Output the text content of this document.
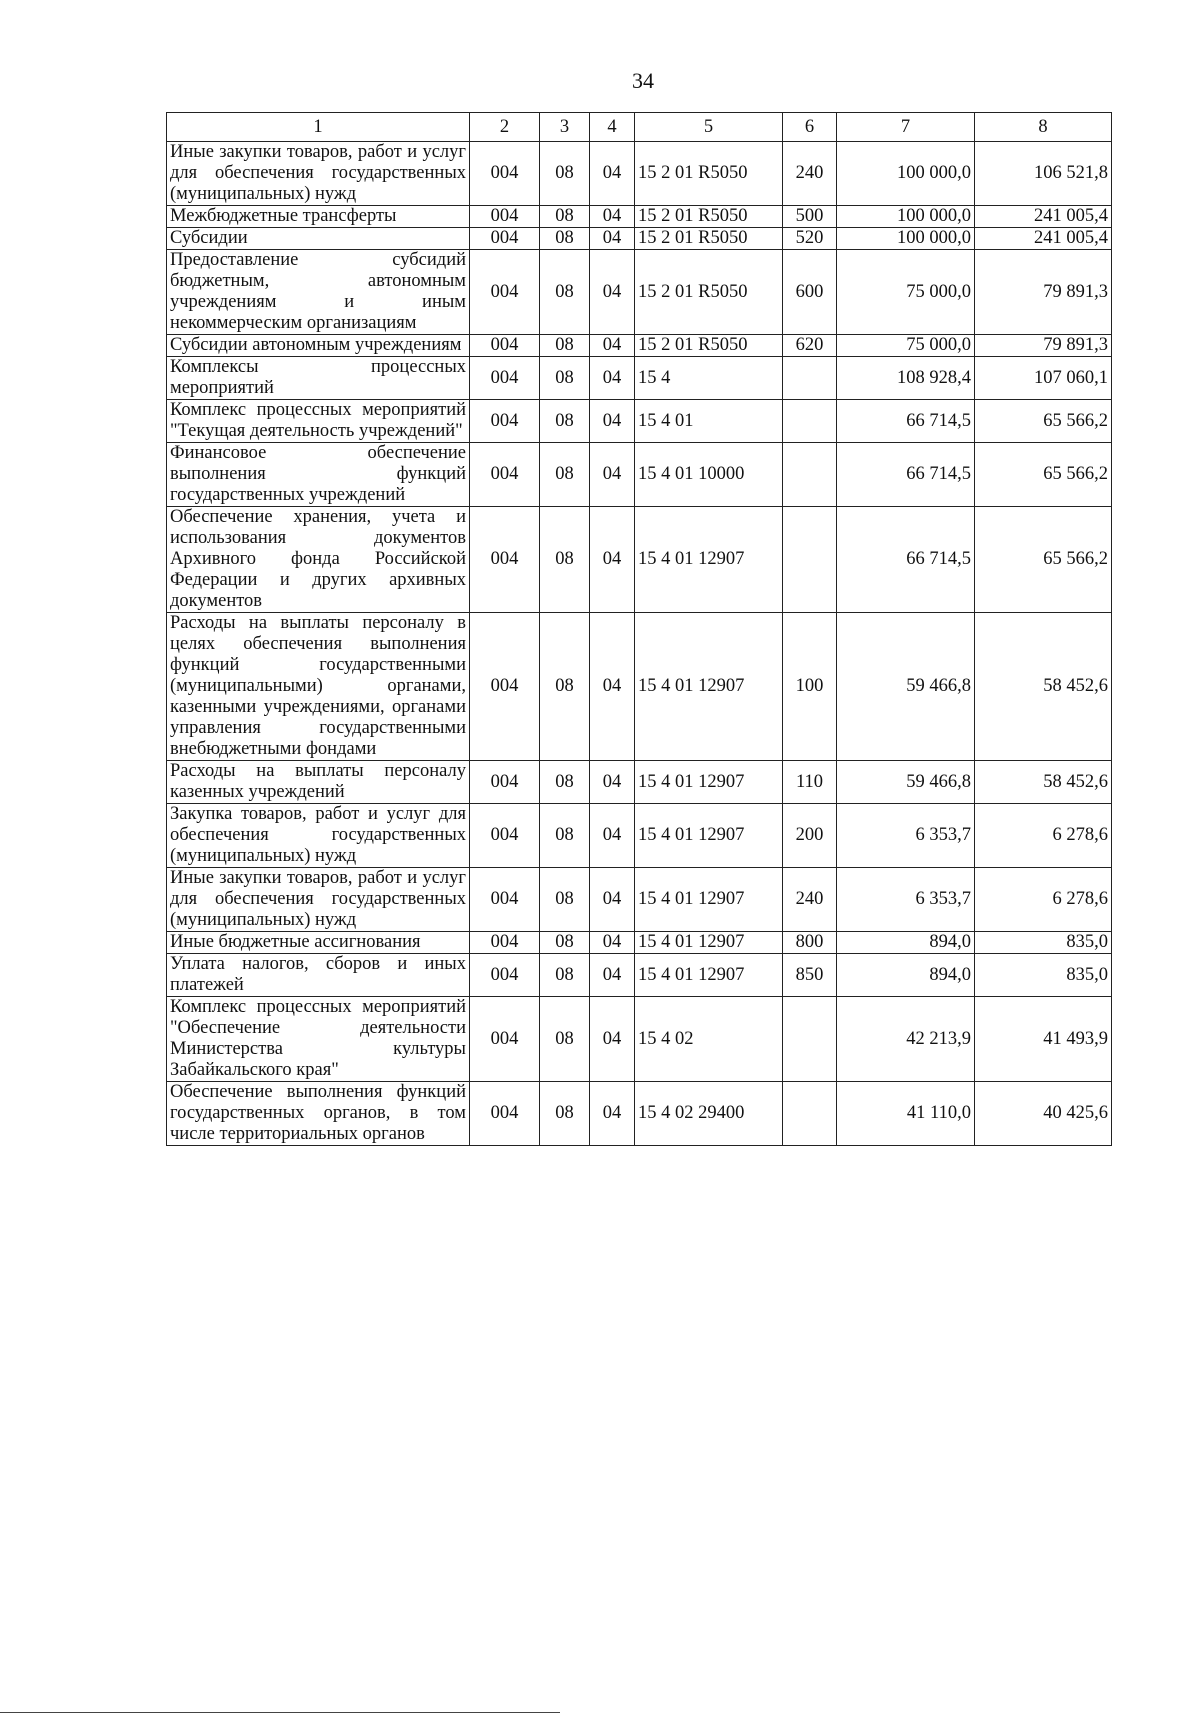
34
1	2	3	4	5	6	7	8
Иные закупки товаров, работ и услуг для обеспечения государственных (муниципальных) нужд	004	08	04	15 2 01 R5050	240	100 000,0	106 521,8
Межбюджетные трансферты	004	08	04	15 2 01 R5050	500	100 000,0	241 005,4
Субсидии	004	08	04	15 2 01 R5050	520	100 000,0	241 005,4
Предоставление субсидий бюджетным, автономным учреждениям и иным некоммерческим организациям	004	08	04	15 2 01 R5050	600	75 000,0	79 891,3
Субсидии автономным учреждениям	004	08	04	15 2 01 R5050	620	75 000,0	79 891,3
Комплексы процессных мероприятий	004	08	04	15 4		108 928,4	107 060,1
Комплекс процессных мероприятий "Текущая деятельность учреждений"	004	08	04	15 4 01		66 714,5	65 566,2
Финансовое обеспечение выполнения функций государственных учреждений	004	08	04	15 4 01 10000		66 714,5	65 566,2
Обеспечение хранения, учета и использования документов Архивного фонда Российской Федерации и других архивных документов	004	08	04	15 4 01 12907		66 714,5	65 566,2
Расходы на выплаты персоналу в целях обеспечения выполнения функций государственными (муниципальными) органами, казенными учреждениями, органами управления государственными внебюджетными фондами	004	08	04	15 4 01 12907	100	59 466,8	58 452,6
Расходы на выплаты персоналу казенных учреждений	004	08	04	15 4 01 12907	110	59 466,8	58 452,6
Закупка товаров, работ и услуг для обеспечения государственных (муниципальных) нужд	004	08	04	15 4 01 12907	200	6 353,7	6 278,6
Иные закупки товаров, работ и услуг для обеспечения государственных (муниципальных) нужд	004	08	04	15 4 01 12907	240	6 353,7	6 278,6
Иные бюджетные ассигнования	004	08	04	15 4 01 12907	800	894,0	835,0
Уплата налогов, сборов и иных платежей	004	08	04	15 4 01 12907	850	894,0	835,0
Комплекс процессных мероприятий "Обеспечение деятельности Министерства культуры Забайкальского края"	004	08	04	15 4 02		42 213,9	41 493,9
Обеспечение выполнения функций государственных органов, в том числе территориальных органов	004	08	04	15 4 02 29400		41 110,0	40 425,6
